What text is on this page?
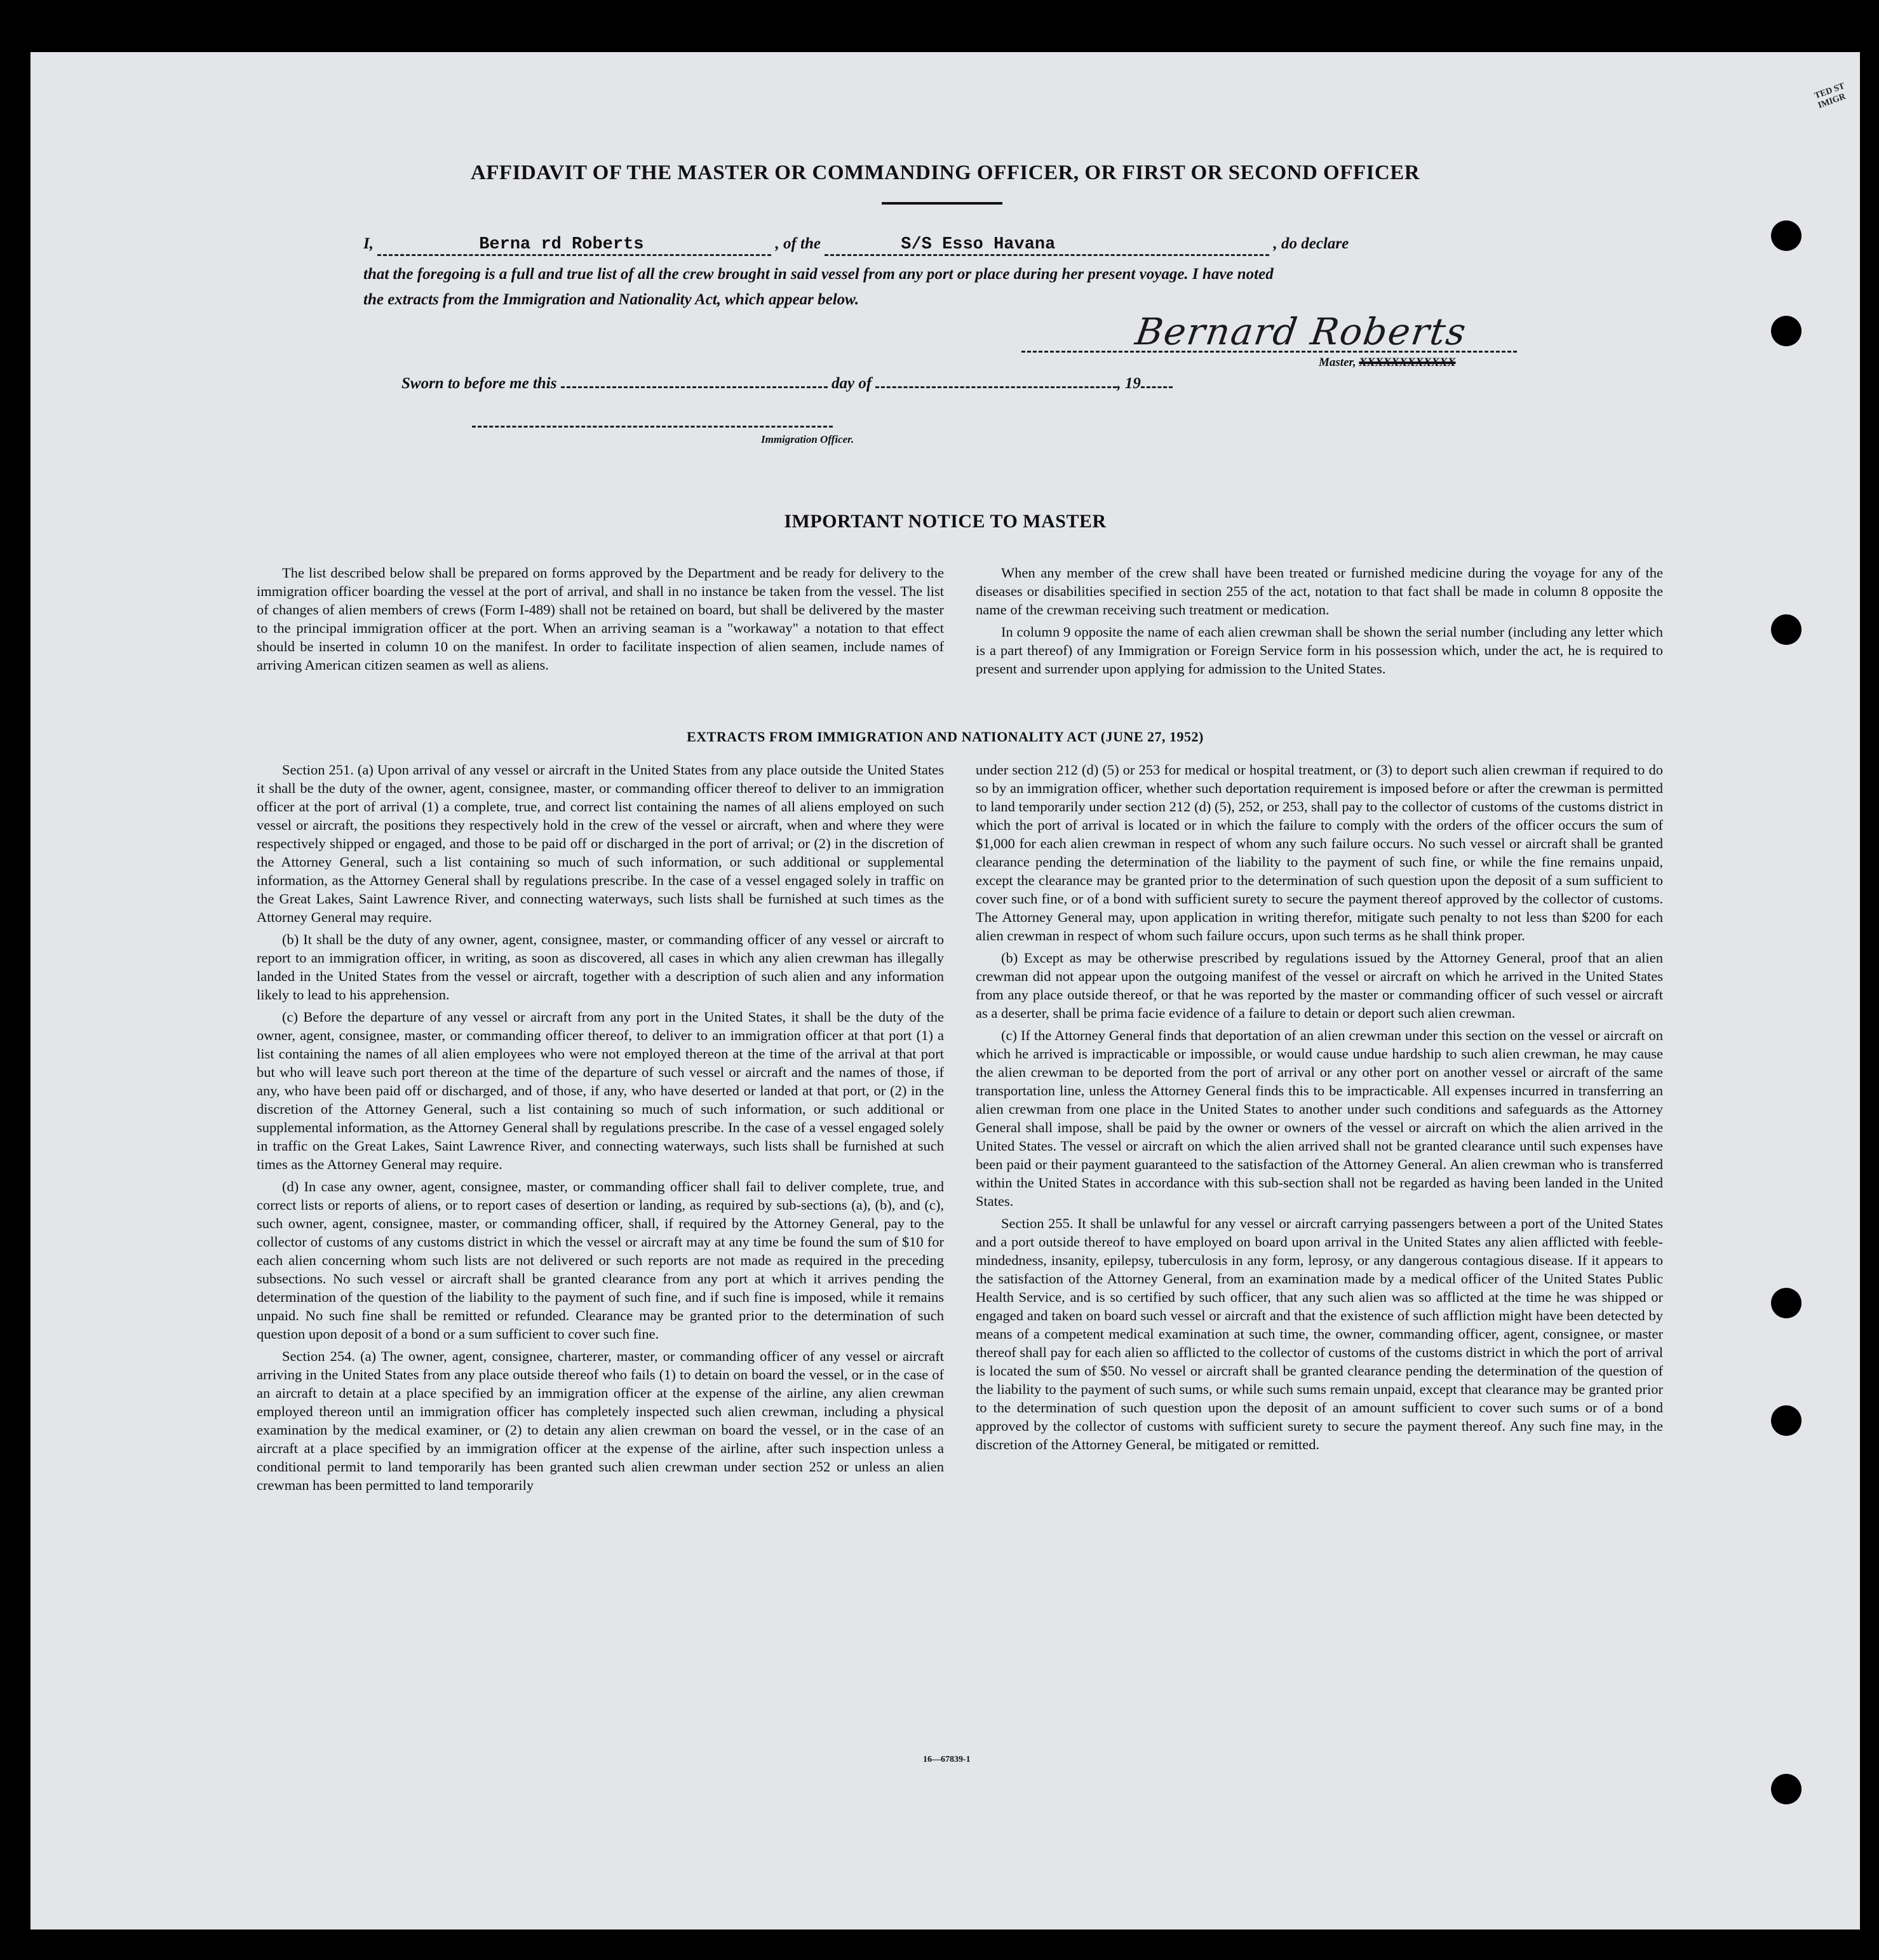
TED ST IMIGR
AFFIDAVIT OF THE MASTER OR COMMANDING OFFICER, OR FIRST OR SECOND OFFICER
I,	Berna rd Roberts	, of the	S/S Esso Havana	, do declare
that the foregoing is a full and true list of all the crew brought in said vessel from any port or place during her present voyage. I have noted
the extracts from the Immigration and Nationality Act, which appear below.
Bernard Roberts
Master, XXXXXXXXXXXX
Sworn to before me this	day of	, 19
Immigration Officer.
IMPORTANT NOTICE TO MASTER

The list described below shall be prepared on forms approved by the Department and be ready for delivery to the immigration officer boarding the vessel at the port of arrival, and shall in no instance be taken from the vessel. The list of changes of alien members of crews (Form I-489) shall not be retained on board, but shall be delivered by the master to the principal immigration officer at the port. When an arriving seaman is a "workaway" a notation to that effect should be inserted in column 10 on the manifest. In order to facilitate inspection of alien seamen, include names of arriving American citizen seamen as well as aliens.

When any member of the crew shall have been treated or furnished medicine during the voyage for any of the diseases or disabilities specified in section 255 of the act, notation to that fact shall be made in column 8 opposite the name of the crewman receiving such treatment or medication.

In column 9 opposite the name of each alien crewman shall be shown the serial number (including any letter which is a part thereof) of any Immigration or Foreign Service form in his possession which, under the act, he is required to present and surrender upon applying for admission to the United States.

EXTRACTS FROM IMMIGRATION AND NATIONALITY ACT (JUNE 27, 1952)

Section 251. (a) Upon arrival of any vessel or aircraft in the United States from any place outside the United States it shall be the duty of the owner, agent, consignee, master, or commanding officer thereof to deliver to an immigration officer at the port of arrival (1) a complete, true, and correct list containing the names of all aliens employed on such vessel or aircraft, the positions they respectively hold in the crew of the vessel or aircraft, when and where they were respectively shipped or engaged, and those to be paid off or discharged in the port of arrival; or (2) in the discretion of the Attorney General, such a list containing so much of such information, or such additional or supplemental information, as the Attorney General shall by regulations prescribe. In the case of a vessel engaged solely in traffic on the Great Lakes, Saint Lawrence River, and connecting waterways, such lists shall be furnished at such times as the Attorney General may require.

(b) It shall be the duty of any owner, agent, consignee, master, or commanding officer of any vessel or aircraft to report to an immigration officer, in writing, as soon as discovered, all cases in which any alien crewman has illegally landed in the United States from the vessel or aircraft, together with a description of such alien and any information likely to lead to his apprehension.

(c) Before the departure of any vessel or aircraft from any port in the United States, it shall be the duty of the owner, agent, consignee, master, or commanding officer thereof, to deliver to an immigration officer at that port (1) a list containing the names of all alien employees who were not employed thereon at the time of the arrival at that port but who will leave such port thereon at the time of the departure of such vessel or aircraft and the names of those, if any, who have been paid off or discharged, and of those, if any, who have deserted or landed at that port, or (2) in the discretion of the Attorney General, such a list containing so much of such information, or such additional or supplemental information, as the Attorney General shall by regulations prescribe. In the case of a vessel engaged solely in traffic on the Great Lakes, Saint Lawrence River, and connecting waterways, such lists shall be furnished at such times as the Attorney General may require.

(d) In case any owner, agent, consignee, master, or commanding officer shall fail to deliver complete, true, and correct lists or reports of aliens, or to report cases of desertion or landing, as required by sub-sections (a), (b), and (c), such owner, agent, consignee, master, or commanding officer, shall, if required by the Attorney General, pay to the collector of customs of any customs district in which the vessel or aircraft may at any time be found the sum of $10 for each alien concerning whom such lists are not delivered or such reports are not made as required in the preceding subsections. No such vessel or aircraft shall be granted clearance from any port at which it arrives pending the determination of the question of the liability to the payment of such fine, and if such fine is imposed, while it remains unpaid. No such fine shall be remitted or refunded. Clearance may be granted prior to the determination of such question upon deposit of a bond or a sum sufficient to cover such fine.

Section 254. (a) The owner, agent, consignee, charterer, master, or commanding officer of any vessel or aircraft arriving in the United States from any place outside thereof who fails (1) to detain on board the vessel, or in the case of an aircraft to detain at a place specified by an immigration officer at the expense of the airline, any alien crewman employed thereon until an immigration officer has completely inspected such alien crewman, including a physical examination by the medical examiner, or (2) to detain any alien crewman on board the vessel, or in the case of an aircraft at a place specified by an immigration officer at the expense of the airline, after such inspection unless a conditional permit to land temporarily has been granted such alien crewman under section 252 or unless an alien crewman has been permitted to land temporarily

under section 212 (d) (5) or 253 for medical or hospital treatment, or (3) to deport such alien crewman if required to do so by an immigration officer, whether such deportation requirement is imposed before or after the crewman is permitted to land temporarily under section 212 (d) (5), 252, or 253, shall pay to the collector of customs of the customs district in which the port of arrival is located or in which the failure to comply with the orders of the officer occurs the sum of $1,000 for each alien crewman in respect of whom any such failure occurs. No such vessel or aircraft shall be granted clearance pending the determination of the liability to the payment of such fine, or while the fine remains unpaid, except the clearance may be granted prior to the determination of such question upon the deposit of a sum sufficient to cover such fine, or of a bond with sufficient surety to secure the payment thereof approved by the collector of customs. The Attorney General may, upon application in writing therefor, mitigate such penalty to not less than $200 for each alien crewman in respect of whom such failure occurs, upon such terms as he shall think proper.

(b) Except as may be otherwise prescribed by regulations issued by the Attorney General, proof that an alien crewman did not appear upon the outgoing manifest of the vessel or aircraft on which he arrived in the United States from any place outside thereof, or that he was reported by the master or commanding officer of such vessel or aircraft as a deserter, shall be prima facie evidence of a failure to detain or deport such alien crewman.

(c) If the Attorney General finds that deportation of an alien crewman under this section on the vessel or aircraft on which he arrived is impracticable or impossible, or would cause undue hardship to such alien crewman, he may cause the alien crewman to be deported from the port of arrival or any other port on another vessel or aircraft of the same transportation line, unless the Attorney General finds this to be impracticable. All expenses incurred in transferring an alien crewman from one place in the United States to another under such conditions and safeguards as the Attorney General shall impose, shall be paid by the owner or owners of the vessel or aircraft on which the alien arrived in the United States. The vessel or aircraft on which the alien arrived shall not be granted clearance until such expenses have been paid or their payment guaranteed to the satisfaction of the Attorney General. An alien crewman who is transferred within the United States in accordance with this sub-section shall not be regarded as having been landed in the United States.

Section 255. It shall be unlawful for any vessel or aircraft carrying passengers between a port of the United States and a port outside thereof to have employed on board upon arrival in the United States any alien afflicted with feeble-mindedness, insanity, epilepsy, tuberculosis in any form, leprosy, or any dangerous contagious disease. If it appears to the satisfaction of the Attorney General, from an examination made by a medical officer of the United States Public Health Service, and is so certified by such officer, that any such alien was so afflicted at the time he was shipped or engaged and taken on board such vessel or aircraft and that the existence of such affliction might have been detected by means of a competent medical examination at such time, the owner, commanding officer, agent, consignee, or master thereof shall pay for each alien so afflicted to the collector of customs of the customs district in which the port of arrival is located the sum of $50. No vessel or aircraft shall be granted clearance pending the determination of the question of the liability to the payment of such sums, or while such sums remain unpaid, except that clearance may be granted prior to the determination of such question upon the deposit of an amount sufficient to cover such sums or of a bond approved by the collector of customs with sufficient surety to secure the payment thereof. Any such fine may, in the discretion of the Attorney General, be mitigated or remitted.

16—67839-1
